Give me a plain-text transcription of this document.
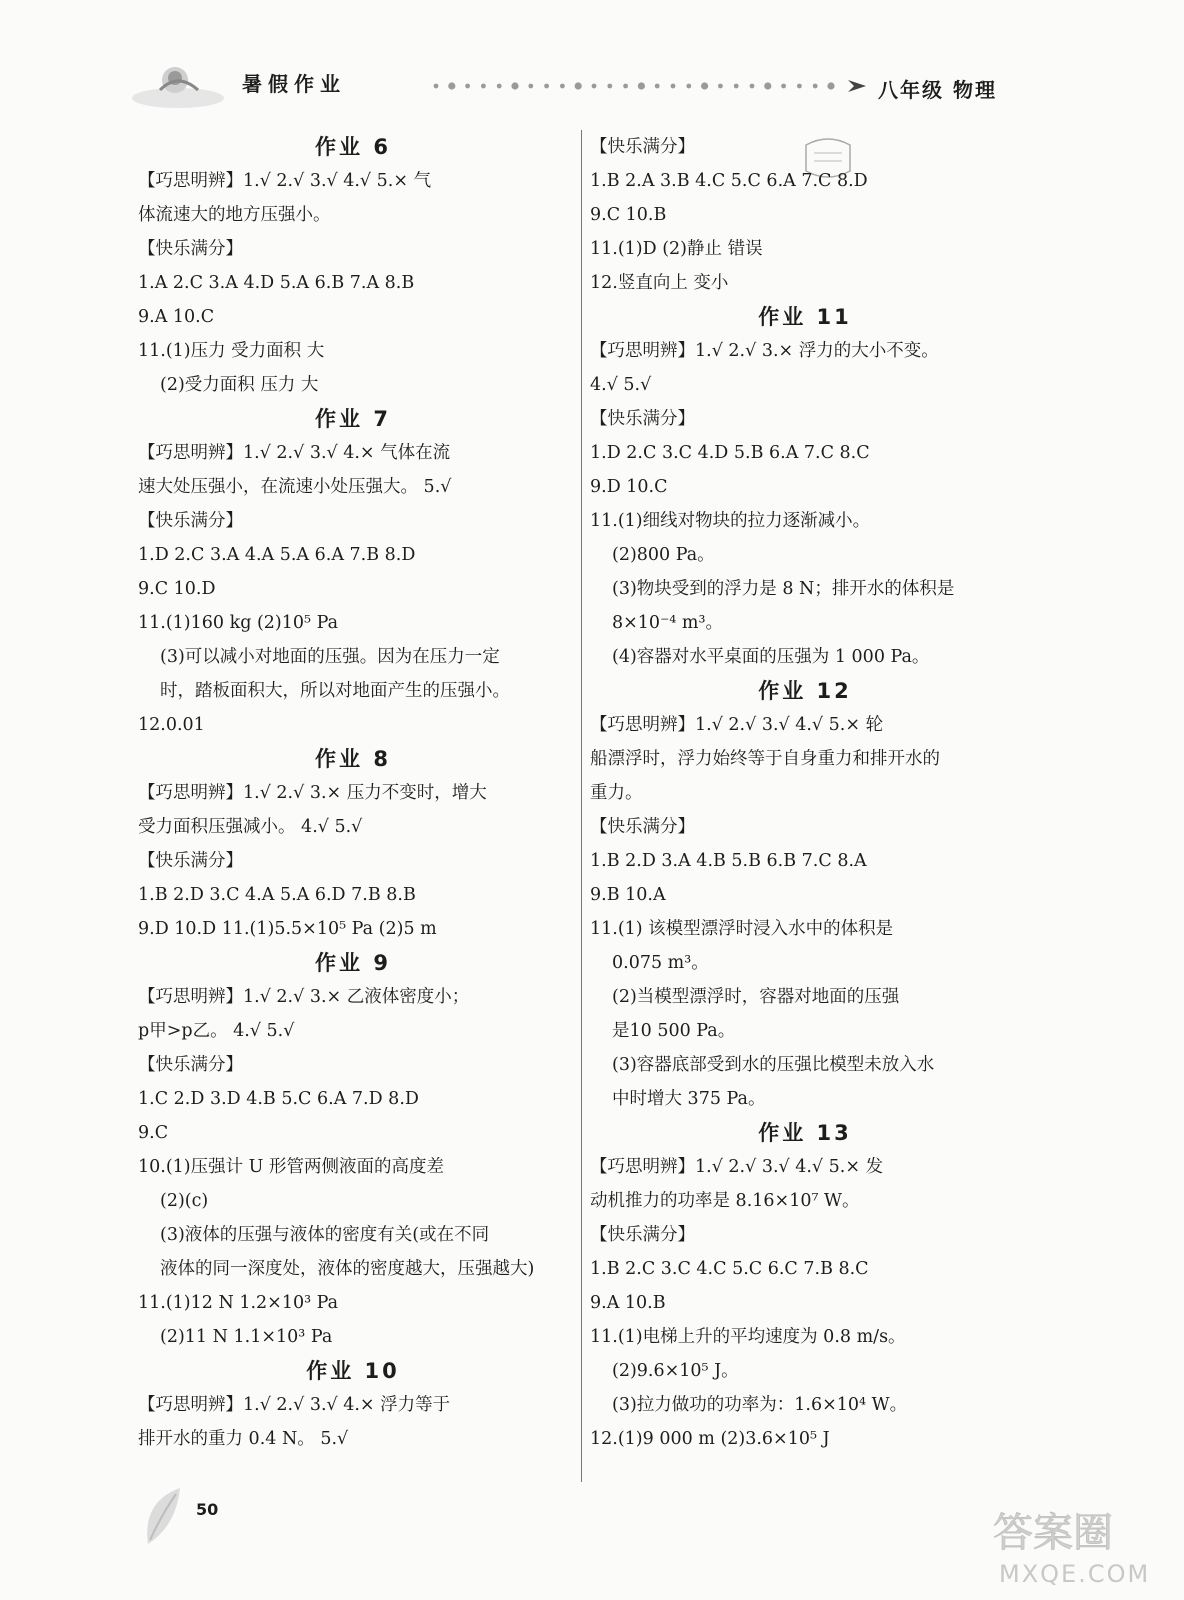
暑假作业	八年级 物理
作业 6
【巧思明辨】1.√ 2.√ 3.√ 4.√ 5.× 气
体流速大的地方压强小。
【快乐满分】
1.A 2.C 3.A 4.D 5.A 6.B 7.A 8.B
9.A 10.C
11.(1)压力 受力面积 大
(2)受力面积 压力 大
作业 7
【巧思明辨】1.√ 2.√ 3.√ 4.× 气体在流
速大处压强小，在流速小处压强大。 5.√
【快乐满分】
1.D 2.C 3.A 4.A 5.A 6.A 7.B 8.D
9.C 10.D
11.(1)160 kg (2)10⁵ Pa
(3)可以减小对地面的压强。因为在压力一定
时，踏板面积大，所以对地面产生的压强小。
12.0.01
作业 8
【巧思明辨】1.√ 2.√ 3.× 压力不变时，增大
受力面积压强减小。 4.√ 5.√
【快乐满分】
1.B 2.D 3.C 4.A 5.A 6.D 7.B 8.B
9.D 10.D 11.(1)5.5×10⁵ Pa (2)5 m
作业 9
【巧思明辨】1.√ 2.√ 3.× 乙液体密度小；
p甲>p乙。 4.√ 5.√
【快乐满分】
1.C 2.D 3.D 4.B 5.C 6.A 7.D 8.D
9.C
10.(1)压强计 U 形管两侧液面的高度差
(2)(c)
(3)液体的压强与液体的密度有关(或在不同
液体的同一深度处，液体的密度越大，压强越大)
11.(1)12 N 1.2×10³ Pa
(2)11 N 1.1×10³ Pa
作业 10
【巧思明辨】1.√ 2.√ 3.√ 4.× 浮力等于
排开水的重力 0.4 N。 5.√
【快乐满分】
1.B 2.A 3.B 4.C 5.C 6.A 7.C 8.D
9.C 10.B
11.(1)D (2)静止 错误
12.竖直向上 变小
作业 11
【巧思明辨】1.√ 2.√ 3.× 浮力的大小不变。
4.√ 5.√
【快乐满分】
1.D 2.C 3.C 4.D 5.B 6.A 7.C 8.C
9.D 10.C
11.(1)细线对物块的拉力逐渐减小。
(2)800 Pa。
(3)物块受到的浮力是 8 N；排开水的体积是
8×10⁻⁴ m³。
(4)容器对水平桌面的压强为 1 000 Pa。
作业 12
【巧思明辨】1.√ 2.√ 3.√ 4.√ 5.× 轮
船漂浮时，浮力始终等于自身重力和排开水的
重力。
【快乐满分】
1.B 2.D 3.A 4.B 5.B 6.B 7.C 8.A
9.B 10.A
11.(1) 该模型漂浮时浸入水中的体积是
0.075 m³。
(2)当模型漂浮时，容器对地面的压强
是10 500 Pa。
(3)容器底部受到水的压强比模型未放入水
中时增大 375 Pa。
作业 13
【巧思明辨】1.√ 2.√ 3.√ 4.√ 5.× 发
动机推力的功率是 8.16×10⁷ W。
【快乐满分】
1.B 2.C 3.C 4.C 5.C 6.C 7.B 8.C
9.A 10.B
11.(1)电梯上升的平均速度为 0.8 m/s。
(2)9.6×10⁵ J。
(3)拉力做功的功率为：1.6×10⁴ W。
12.(1)9 000 m (2)3.6×10⁵ J
50
答案圈
MXQE.COM
